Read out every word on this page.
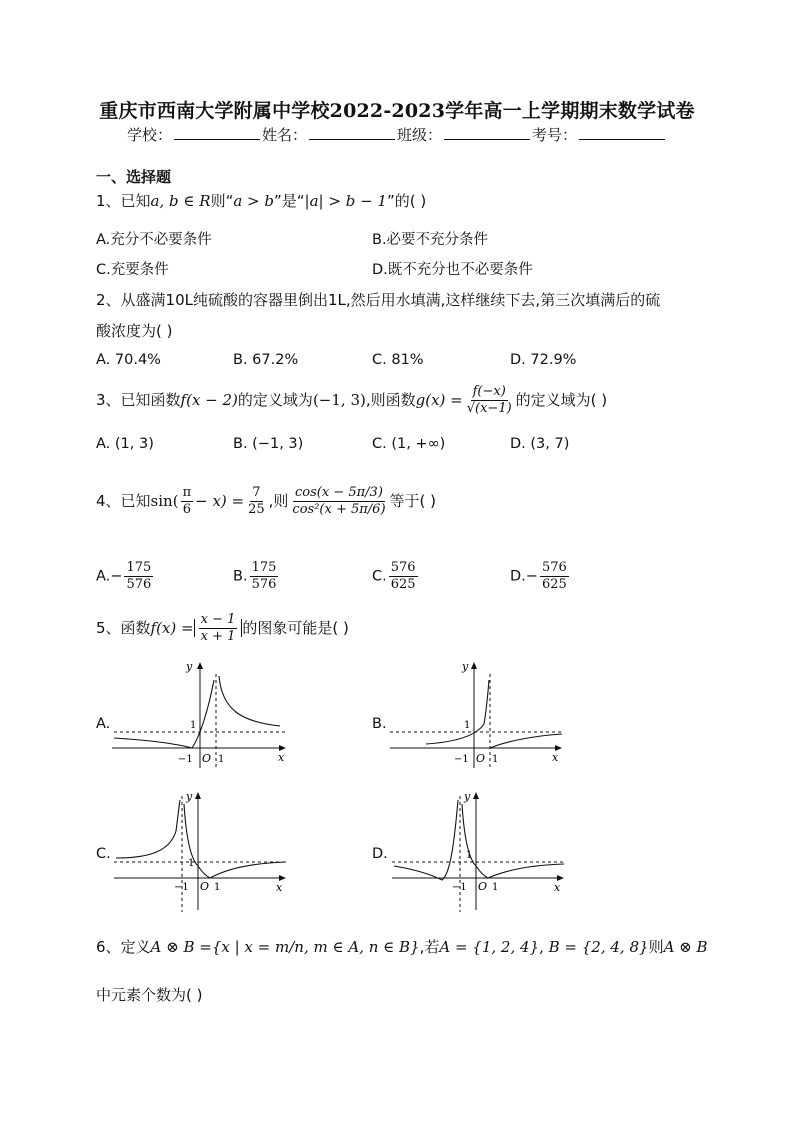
重庆市西南大学附属中学校2022-2023学年高一上学期期末数学试卷
学校：	姓名：	班级：	考号：
一、选择题
1、已知a, b ∈ R则“a > b”是“|a| > b − 1”的( )
A.充分不必要条件	B.必要不充分条件
C.充要条件	D.既不充分也不必要条件
2、从盛满10L纯硫酸的容器里倒出1L,然后用水填满,这样继续下去,第三次填满后的硫
酸浓度为( )
A. 70.4%	B. 67.2%	C. 81%	D. 72.9%
3、已知函数f(x − 2)的定义域为(−1, 3),则函数$g(x) = \frac{f(-x)}{√(x-1)}$ 的定义域为( )
A. (1, 3)	B. (−1, 3)	C. (1, +∞)	D. (3, 7)
4、已知$\sin( \frac{\pi}{6} - x) = \frac{7}{25}$ ,则 $\frac{\cos(x - 5\pi/3)}{\text{cos²(x + 5π/6)}}$ 等于( )
$A.- \frac{175}{576}$	B. $\frac{175}{576}$	C. $\frac{576}{625}$	$D.- \frac{576}{625}$
5、函数$f(x) = \frac{x - 1}{x + 1}$ 的图象可能是( )
A.
y
x
1
−1 O 1
B.
y
x
1
−1 O 1
C.
y
x
1
−1 O 1
D.
y
x
1
−1 O 1
6、定义A ⊗ B ={x | x = m/n, m ∈ A, n ∈ B},若A = {1, 2, 4}, B = {2, 4, 8}则A ⊗ B
中元素个数为( )
